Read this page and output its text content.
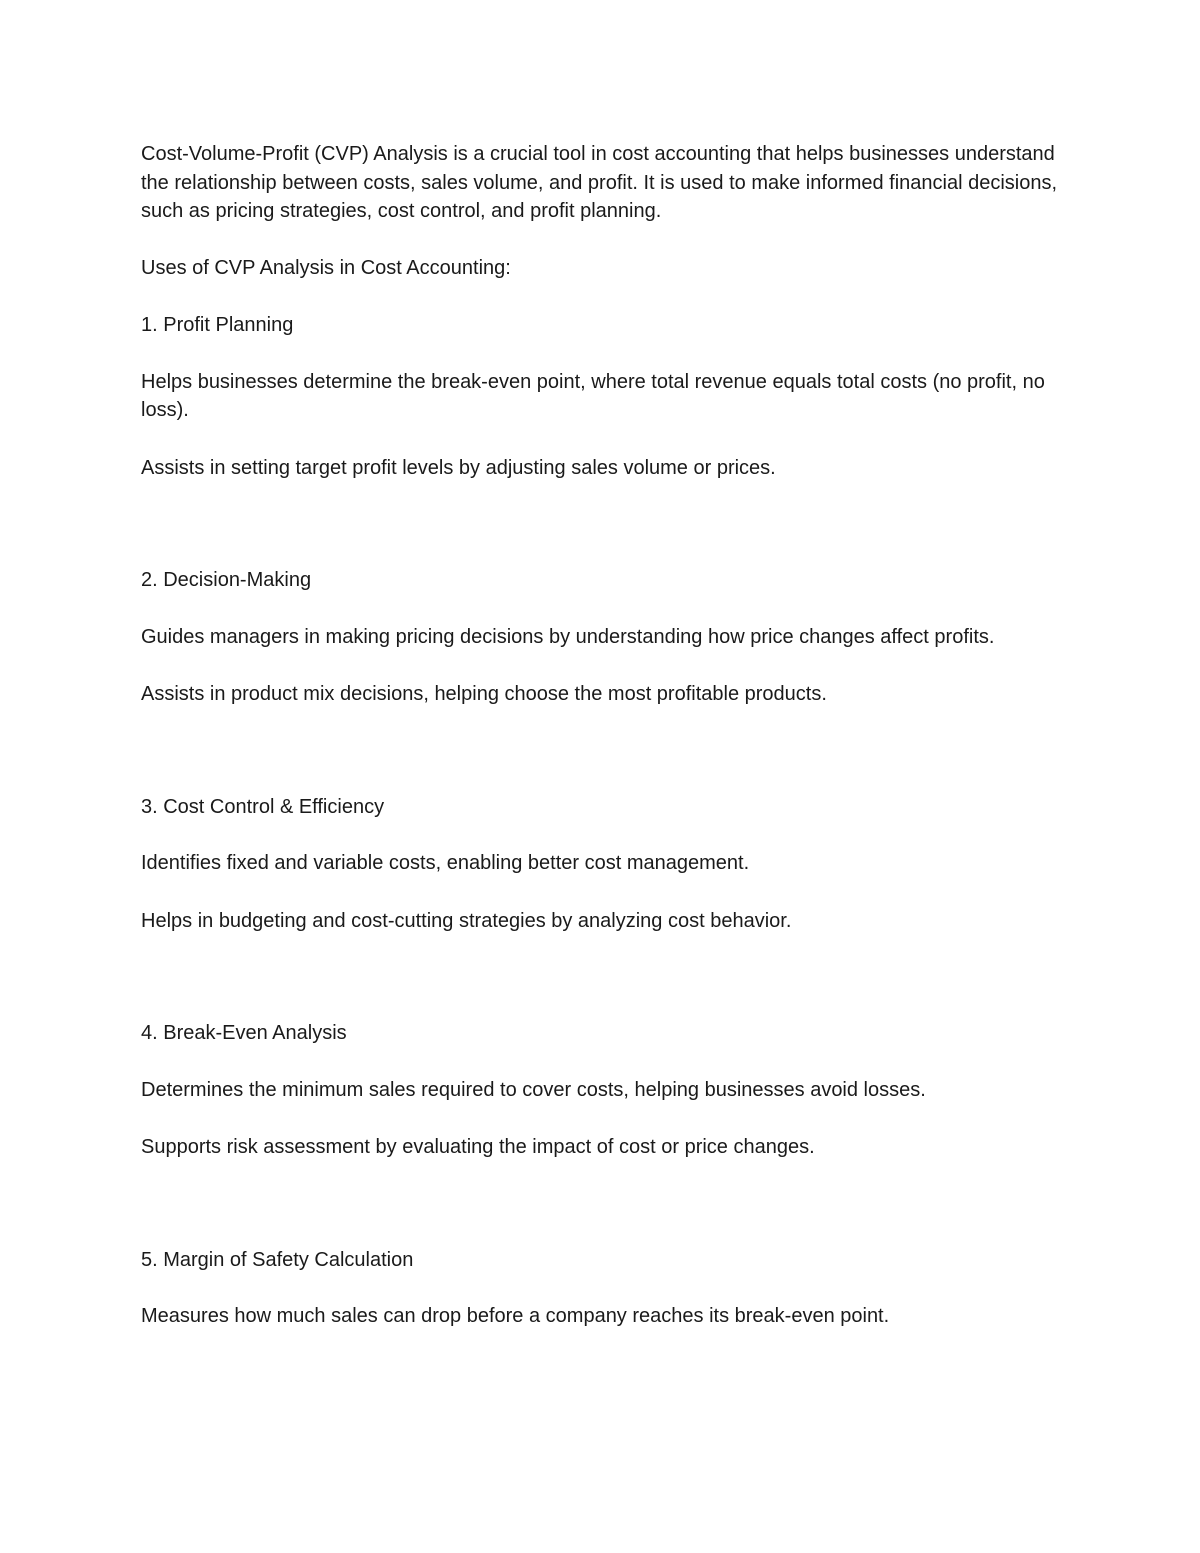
Cost-Volume-Profit (CVP) Analysis is a crucial tool in cost accounting that helps businesses understand the relationship between costs, sales volume, and profit. It is used to make informed financial decisions, such as pricing strategies, cost control, and profit planning.

Uses of CVP Analysis in Cost Accounting:

1. Profit Planning

Helps businesses determine the break-even point, where total revenue equals total costs (no profit, no loss).

Assists in setting target profit levels by adjusting sales volume or prices.

2. Decision-Making

Guides managers in making pricing decisions by understanding how price changes affect profits.

Assists in product mix decisions, helping choose the most profitable products.

3. Cost Control & Efficiency

Identifies fixed and variable costs, enabling better cost management.

Helps in budgeting and cost-cutting strategies by analyzing cost behavior.

4. Break-Even Analysis

Determines the minimum sales required to cover costs, helping businesses avoid losses.

Supports risk assessment by evaluating the impact of cost or price changes.

5. Margin of Safety Calculation

Measures how much sales can drop before a company reaches its break-even point.
